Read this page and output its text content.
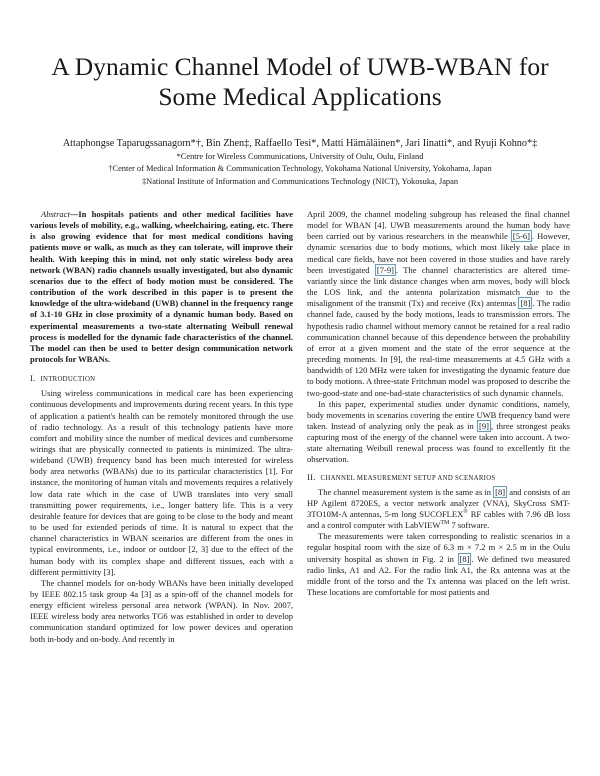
A Dynamic Channel Model of UWB-WBAN for
Some Medical Applications
Attaphongse Taparugssanagorn*†, Bin Zhen‡, Raffaello Tesi*, Matti Hämäläinen*, Jari Iinatti*, and Ryuji Kohno*‡
*Centre for Wireless Communications, University of Oulu, Oulu, Finland
†Center of Medical Information & Communication Technology, Yokohama National University, Yokohama, Japan
‡National Institute of Information and Communications Technology (NICT), Yokosuka, Japan

Abstract—In hospitals patients and other medical facilities have various levels of mobility, e.g., walking, wheelchairing, eating, etc. There is also growing evidence that for most medical conditions having patients move or walk, as much as they can tolerate, will improve their health. With keeping this in mind, not only static wireless body area network (WBAN) radio channels usually investigated, but also dynamic scenarios due to the effect of body motion must be considered. The contribution of the work described in this paper is to present the knowledge of the ultra-wideband (UWB) channel in the frequency range of 3.1-10 GHz in close proximity of a dynamic human body. Based on experimental measurements a two-state alternating Weibull renewal process is modelled for the dynamic fade characteristics of the channel. The model can then be used to better design communication network protocols for WBANs.

I. INTRODUCTION

Using wireless communications in medical care has been experiencing continuous developments and improvements during recent years. In this type of application a patient's health can be remotely monitored through the use of radio technology. As a result of this technology patients have more comfort and mobility since the number of medical devices and cumbersome wirings that are physically connected to patients is minimized. The ultra-wideband (UWB) frequency band has been much interested for wireless body area networks (WBANs) due to its particular characteristics [1]. For instance, the monitoring of human vitals and movements requires a relatively low data rate which in the case of UWB translates into very small transmitting power requirements, i.e., longer battery life. This is a very desirable feature for devices that are going to be close to the body and meant to be used for extended periods of time. It is natural to expect that the channel characteristics in WBAN scenarios are different from the ones in typical environments, i.e., indoor or outdoor [2, 3] due to the effect of the human body with its complex shape and different tissues, each with a different permittivity [3].

The channel models for on-body WBANs have been initially developed by IEEE 802.15 task group 4a [3] as a spin-off of the channel models for energy efficient wireless personal area network (WPAN). In Nov. 2007, IEEE wireless body area networks TG6 was established in order to develop communication standard optimized for low power devices and operation both in-body and on-body. And recently in

April 2009, the channel modeling subgroup has released the final channel model for WBAN [4]. UWB measurements around the human body have been carried out by various researchers in the meanwhile [5-6] . However, dynamic scenarios due to body motions, which most likely take place in medical care fields, have not been covered in those studies and have rarely been investigated [7-9] . The channel characteristics are altered time-variantly since the link distance changes when arm moves, body will block the LOS link, and the antenna polarization mismatch due to the misalignment of the transmit (Tx) and receive (Rx) antennas [8] . The radio channel fade, caused by the body motions, leads to transmission errors. The hypothesis radio channel without memory cannot be retained for a real radio communication channel because of this dependence between the probability of error at a given moment and the state of the error sequence at the preceding moments. In [9], the real-time measurements at 4.5 GHz with a bandwidth of 120 MHz were taken for investigating the dynamic feature due to body motions. A three-state Fritchman model was proposed to describe the two-good-state and one-bad-state characteristics of such dynamic channels.

In this paper, experimental studies under dynamic conditions, namely, body movements in scenarios covering the entire UWB frequency band were taken. Instead of analyzing only the peak as in [9] , three strongest peaks capturing most of the energy of the channel were taken into account. A two-state alternating Weibull renewal process was found to excellently fit the observation.

II. CHANNEL MEASUREMENT SETUP AND SCENARIOS

The channel measurement system is the same as in [8] and consists of an HP Agilent 8720ES, a vector network analyzer (VNA), SkyCross SMT-3TO10M-A antennas, 5-m long SUCOFLEX® RF cables with 7.96 dB loss and a control computer with LabVIEW™ 7 software.

The measurements were taken corresponding to realistic scenarios in a regular hospital room with the size of 6.3 m × 7.2 m × 2.5 m in the Oulu university hospital as shown in Fig. 2 in [8] . We defined two measured radio links, A1 and A2. For the radio link A1, the Rx antenna was at the middle front of the torso and the Tx antenna was placed on the left wrist. These locations are comfortable for most patients and
